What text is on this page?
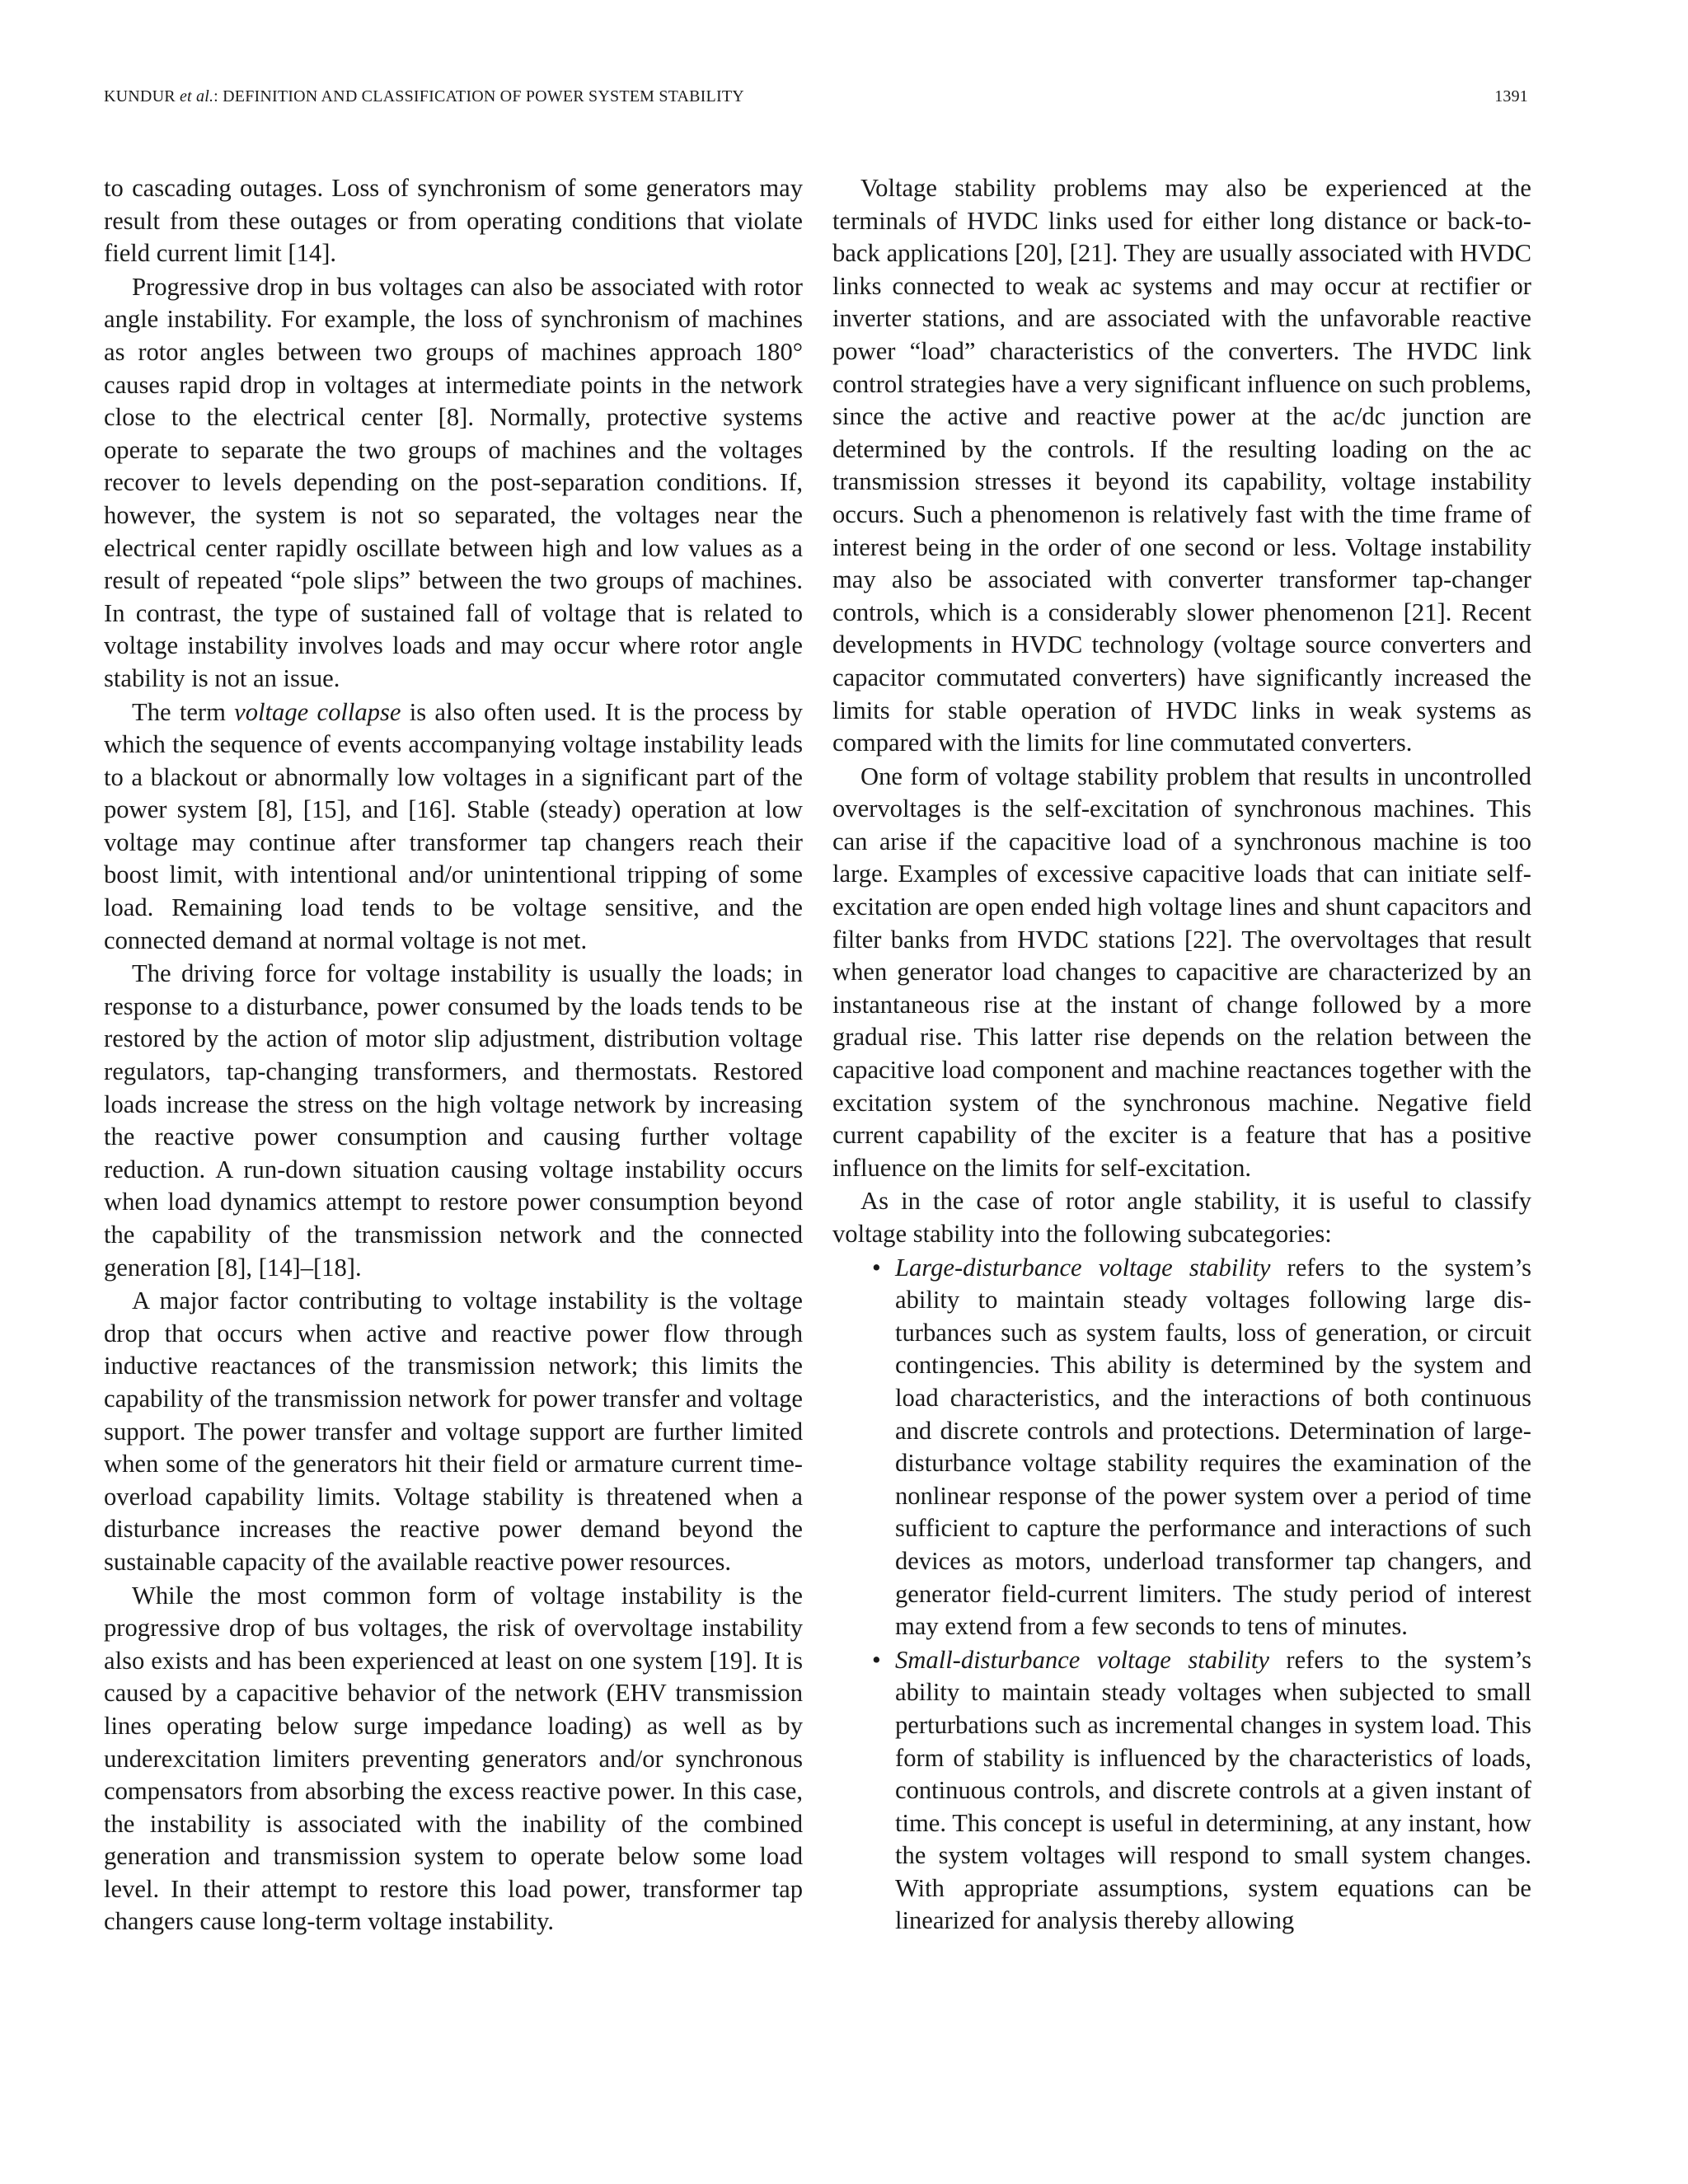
KUNDUR et al.: DEFINITION AND CLASSIFICATION OF POWER SYSTEM STABILITY	1391

to cascading outages. Loss of synchronism of some generators may result from these outages or from operating conditions that violate field current limit [14].

Progressive drop in bus voltages can also be associated with rotor angle instability. For example, the loss of synchronism of machines as rotor angles between two groups of machines approach 180° causes rapid drop in voltages at intermediate points in the network close to the electrical center [8]. Normally, protective systems operate to separate the two groups of machines and the voltages recover to levels depending on the post-separation conditions. If, however, the system is not so separated, the voltages near the electrical center rapidly oscillate between high and low values as a result of repeated “pole slips” between the two groups of machines. In contrast, the type of sustained fall of voltage that is related to voltage instability involves loads and may occur where rotor angle stability is not an issue.

The term voltage collapse is also often used. It is the process by which the sequence of events accompanying voltage instability leads to a blackout or abnormally low voltages in a significant part of the power system [8], [15], and [16]. Stable (steady) operation at low voltage may continue after transformer tap changers reach their boost limit, with intentional and/or unintentional tripping of some load. Remaining load tends to be voltage sensitive, and the connected demand at normal voltage is not met.

The driving force for voltage instability is usually the loads; in response to a disturbance, power consumed by the loads tends to be restored by the action of motor slip adjustment, distribution voltage regulators, tap-changing transformers, and thermostats. Restored loads increase the stress on the high voltage network by increasing the reactive power consumption and causing further voltage reduction. A run-down situation causing voltage instability occurs when load dynamics attempt to restore power consumption beyond the capability of the transmission network and the connected generation [8], [14]–[18].

A major factor contributing to voltage instability is the voltage drop that occurs when active and reactive power flow through inductive reactances of the transmission network; this limits the capability of the transmission network for power transfer and voltage support. The power transfer and voltage support are further limited when some of the generators hit their field or armature current time-overload capability limits. Voltage stability is threatened when a disturbance increases the reactive power demand beyond the sustainable capacity of the available reactive power resources.

While the most common form of voltage instability is the progressive drop of bus voltages, the risk of overvoltage instability also exists and has been experienced at least on one system [19]. It is caused by a capacitive behavior of the network (EHV transmission lines operating below surge impedance loading) as well as by underexcitation limiters preventing generators and/or synchronous compensators from absorbing the excess reactive power. In this case, the instability is associated with the inability of the combined generation and transmission system to operate below some load level. In their attempt to restore this load power, transformer tap changers cause long-term voltage instability.

Voltage stability problems may also be experienced at the terminals of HVDC links used for either long distance or back-to-back applications [20], [21]. They are usually associated with HVDC links connected to weak ac systems and may occur at rectifier or inverter stations, and are associated with the unfavorable reactive power “load” characteristics of the converters. The HVDC link control strategies have a very significant influence on such problems, since the active and reactive power at the ac/dc junction are determined by the controls. If the resulting loading on the ac transmission stresses it beyond its capability, voltage instability occurs. Such a phenomenon is relatively fast with the time frame of interest being in the order of one second or less. Voltage instability may also be associated with converter transformer tap-changer controls, which is a considerably slower phenomenon [21]. Recent developments in HVDC technology (voltage source converters and capacitor commutated converters) have significantly increased the limits for stable operation of HVDC links in weak systems as compared with the limits for line commutated converters.

One form of voltage stability problem that results in uncontrolled overvoltages is the self-excitation of synchronous machines. This can arise if the capacitive load of a synchronous machine is too large. Examples of excessive capacitive loads that can initiate self-excitation are open ended high voltage lines and shunt capacitors and filter banks from HVDC stations [22]. The overvoltages that result when generator load changes to capacitive are characterized by an instantaneous rise at the instant of change followed by a more gradual rise. This latter rise depends on the relation between the capacitive load component and machine reactances together with the excitation system of the synchronous machine. Negative field current capability of the exciter is a feature that has a positive influence on the limits for self-excitation.

As in the case of rotor angle stability, it is useful to classify voltage stability into the following subcategories:

• Large-disturbance voltage stability refers to the system’s ability to maintain steady voltages following large disturbances such as system faults, loss of generation, or circuit contingencies. This ability is determined by the system and load characteristics, and the interactions of both continuous and discrete controls and protections. Determination of large-disturbance voltage stability requires the examination of the nonlinear response of the power system over a period of time sufficient to capture the performance and interactions of such devices as motors, underload transformer tap changers, and generator field-current limiters. The study period of interest may extend from a few seconds to tens of minutes.
• Small-disturbance voltage stability refers to the system’s ability to maintain steady voltages when subjected to small perturbations such as incremental changes in system load. This form of stability is influenced by the characteristics of loads, continuous controls, and discrete controls at a given instant of time. This concept is useful in determining, at any instant, how the system voltages will respond to small system changes. With appropriate assumptions, system equations can be linearized for analysis thereby allowing
